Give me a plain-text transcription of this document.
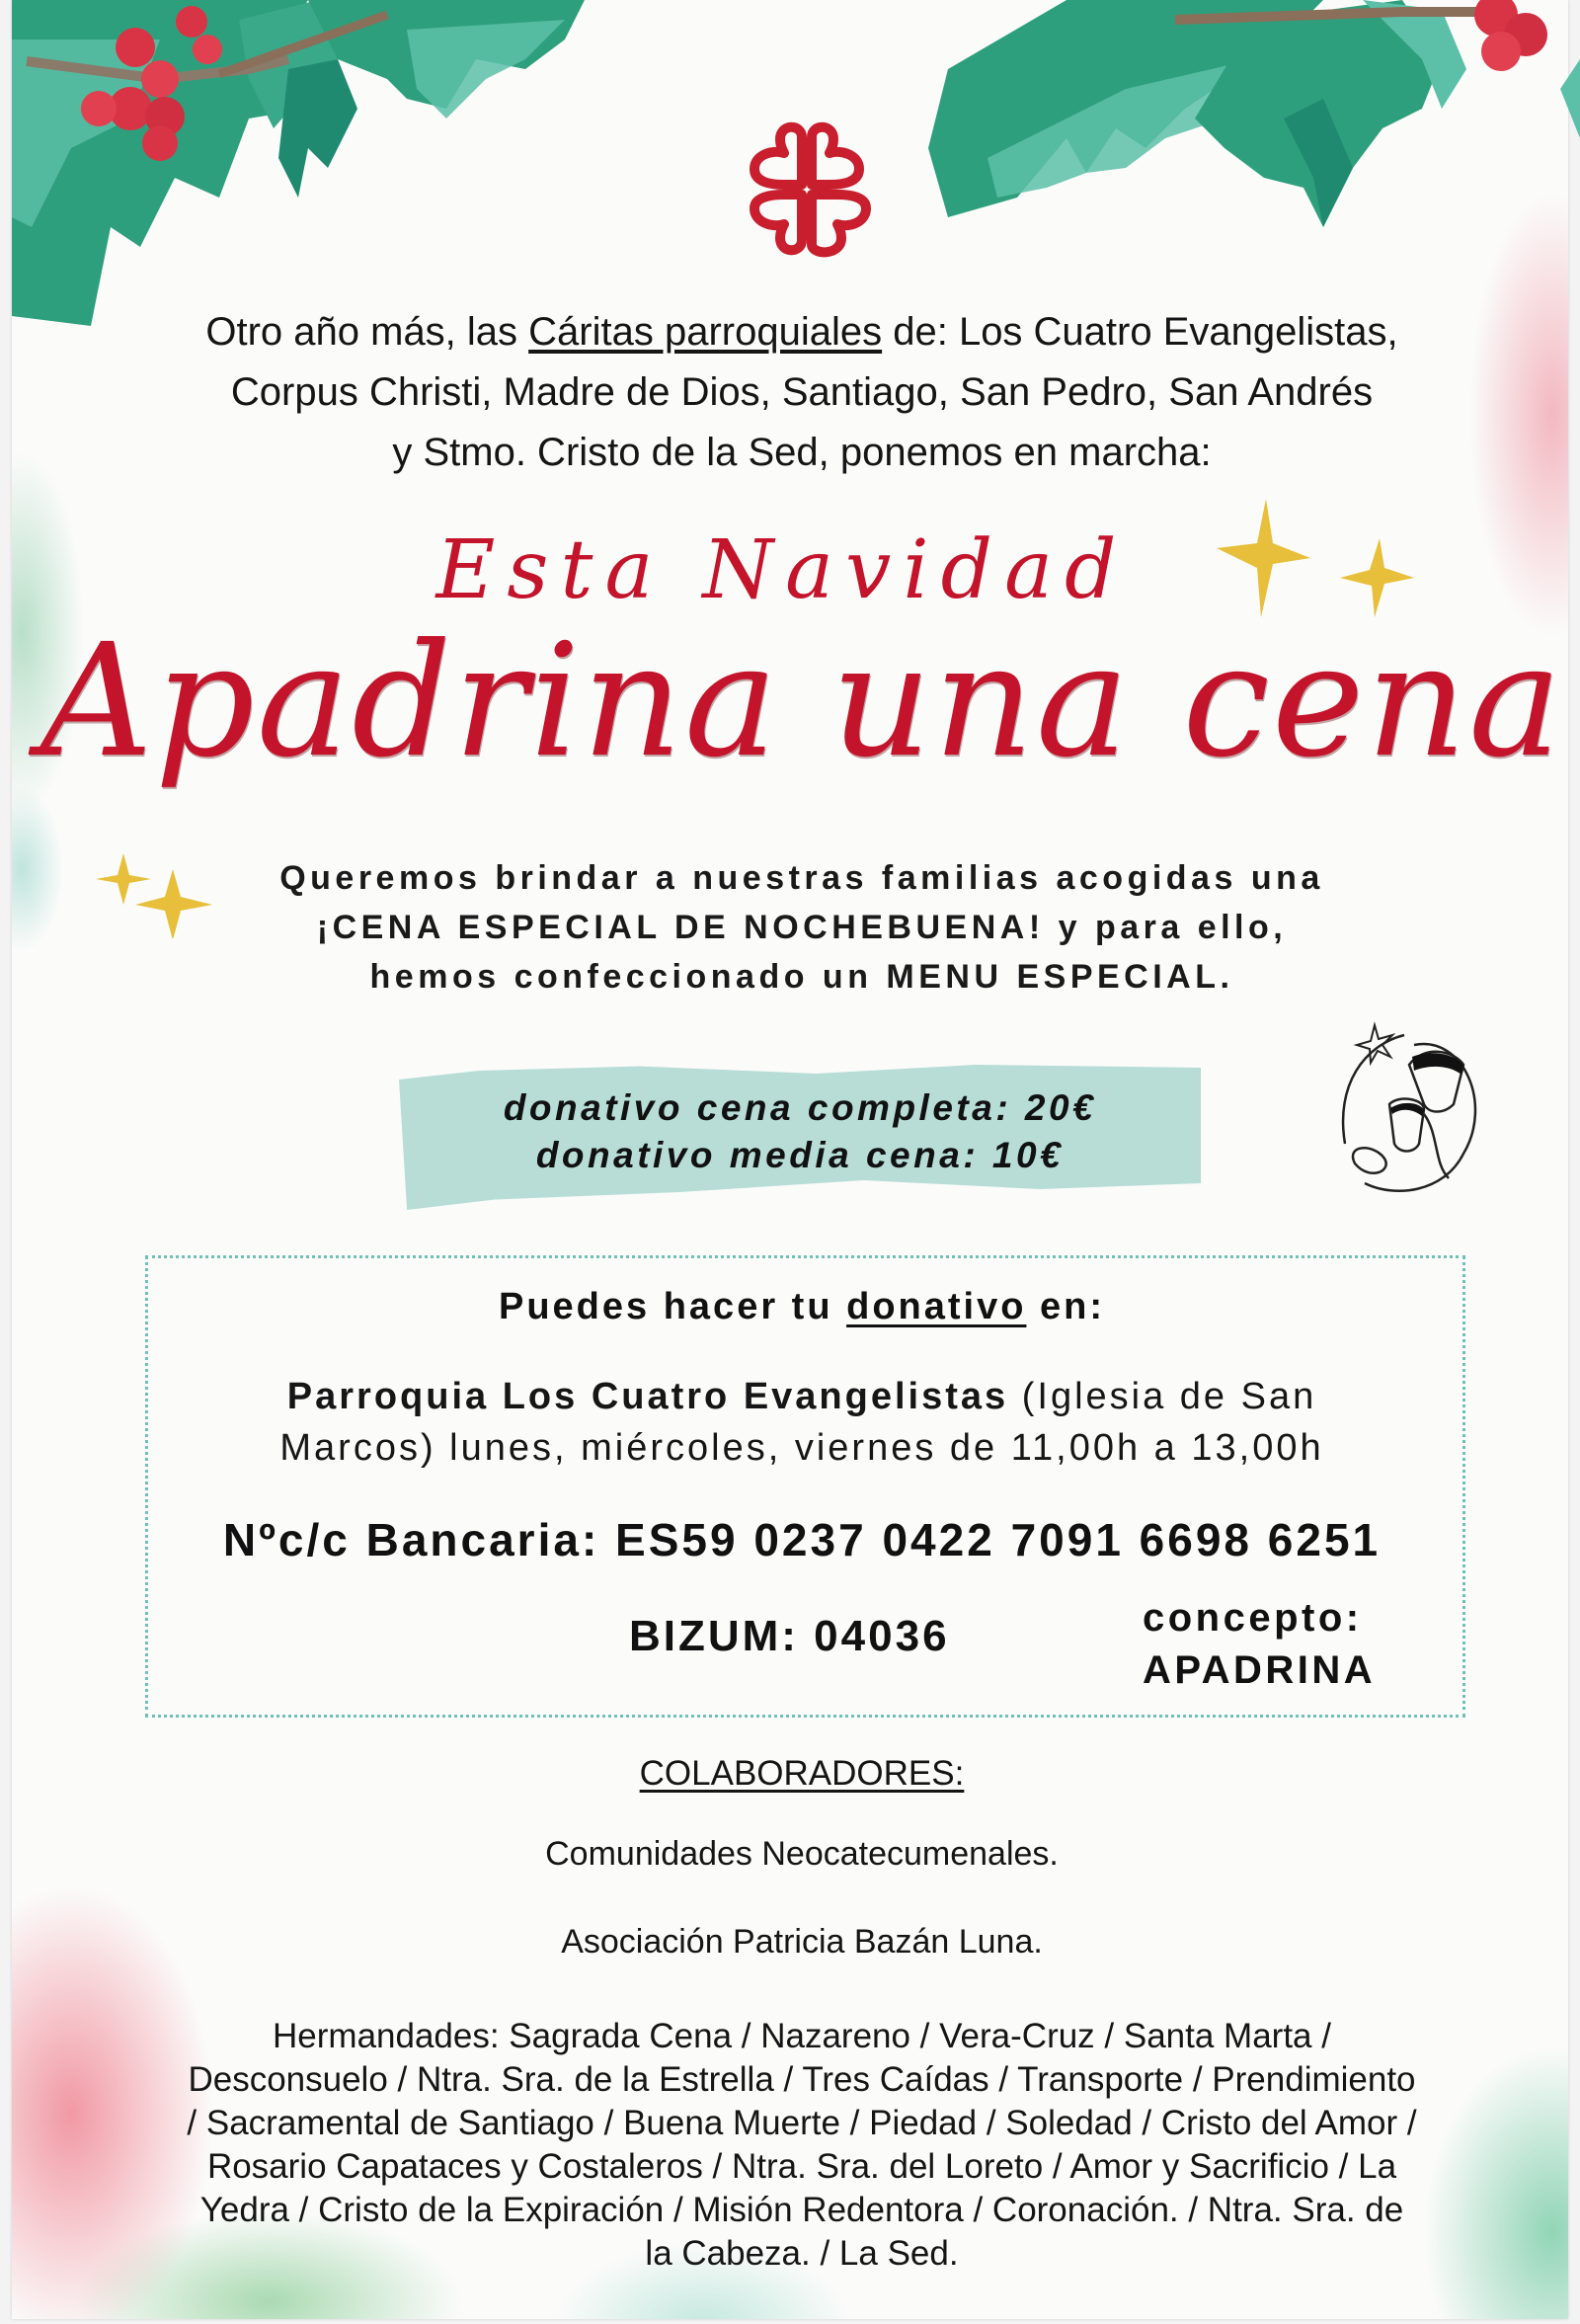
Otro año más, las Cáritas parroquiales de: Los Cuatro Evangelistas,
Corpus Christi, Madre de Dios, Santiago, San Pedro, San Andrés
y Stmo. Cristo de la Sed, ponemos en marcha:
Esta Navidad
Apadrina una cena
Queremos brindar a nuestras familias acogidas una
¡CENA ESPECIAL DE NOCHEBUENA! y para ello,
hemos confeccionado un MENU ESPECIAL.
donativo cena completa: 20€
donativo media cena: 10€
Puedes hacer tu donativo en:
Parroquia Los Cuatro Evangelistas (Iglesia de San
Marcos) lunes, miércoles, viernes de 11,00h a 13,00h
Nºc/c Bancaria: ES59 0237 0422 7091 6698 6251
BIZUM: 04036	concepto:
APADRINA
COLABORADORES:
Comunidades Neocatecumenales.
Asociación Patricia Bazán Luna.
Hermandades: Sagrada Cena / Nazareno / Vera-Cruz / Santa Marta /
Desconsuelo / Ntra. Sra. de la Estrella / Tres Caídas / Transporte / Prendimiento
/ Sacramental de Santiago / Buena Muerte / Piedad / Soledad / Cristo del Amor /
Rosario Capataces y Costaleros / Ntra. Sra. del Loreto / Amor y Sacrificio / La
Yedra / Cristo de la Expiración / Misión Redentora / Coronación. / Ntra. Sra. de
la Cabeza. / La Sed.
